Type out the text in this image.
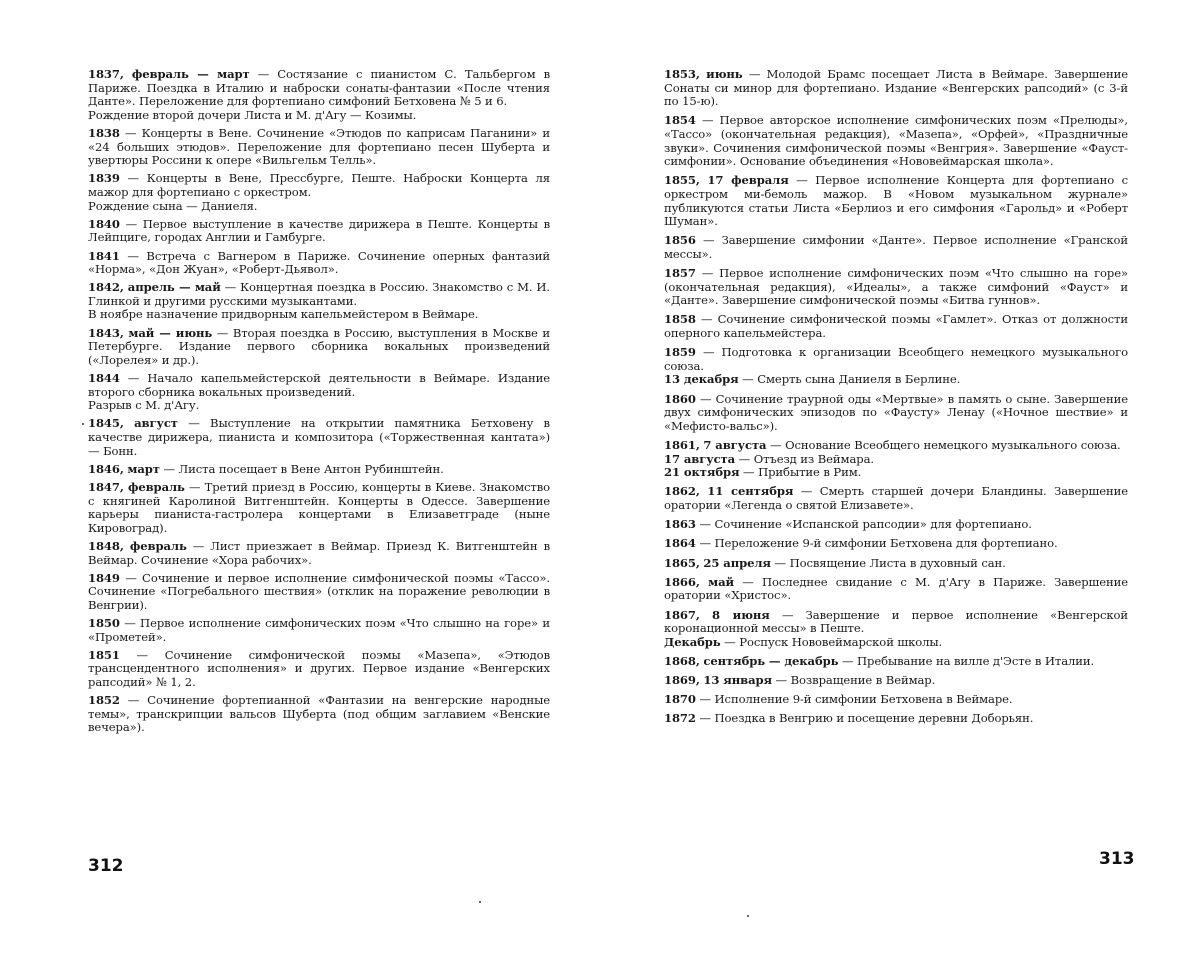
1837, февраль — март — Состязание с пианистом С. Тальбергом в Париже. Поездка в Италию и наброски сонаты-фантазии «После чтения Данте». Переложение для фортепиано симфоний Бетховена № 5 и 6.
Рождение второй дочери Листа и М. д'Агу — Козимы.

1838 — Концерты в Вене. Сочинение «Этюдов по каприсам Паганини» и «24 больших этюдов». Переложение для фортепиано песен Шуберта и увертюры Россини к опере «Вильгельм Телль».

1839 — Концерты в Вене, Прессбурге, Пеште. Наброски Концерта ля мажор для фортепиано с оркестром.
Рождение сына — Даниеля.

1840 — Первое выступление в качестве дирижера в Пеште. Концерты в Лейпциге, городах Англии и Гамбурге.

1841 — Встреча с Вагнером в Париже. Сочинение оперных фантазий «Норма», «Дон Жуан», «Роберт-Дьявол».

1842, апрель — май — Концертная поездка в Россию. Знакомство с М. И. Глинкой и другими русскими музыкантами.
В ноябре назначение придворным капельмейстером в Веймаре.

1843, май — июнь — Вторая поездка в Россию, выступления в Москве и Петербурге. Издание первого сборника вокальных произведений («Лорелея» и др.).

1844 — Начало капельмейстерской деятельности в Веймаре. Издание второго сборника вокальных произведений.
Разрыв с М. д'Агу.

1845, август — Выступление на открытии памятника Бетховену в качестве дирижера, пианиста и композитора («Торжественная кантата») — Бонн.

1846, март — Листа посещает в Вене Антон Рубинштейн.

1847, февраль — Третий приезд в Россию, концерты в Киеве. Знакомство с княгиней Каролиной Витгенштейн. Концерты в Одессе. Завершение карьеры пианиста-гастролера концертами в Елизаветграде (ныне Кировоград).

1848, февраль — Лист приезжает в Веймар. Приезд К. Витгенштейн в Веймар. Сочинение «Хора рабочих».

1849 — Сочинение и первое исполнение симфонической поэмы «Тассо». Сочинение «Погребального шествия» (отклик на поражение революции в Венгрии).

1850 — Первое исполнение симфонических поэм «Что слышно на горе» и «Прометей».

1851 — Сочинение симфонической поэмы «Мазепа», «Этюдов трансцендентного исполнения» и других. Первое издание «Венгерских рапсодий» № 1, 2.

1852 — Сочинение фортепианной «Фантазии на венгерские народные темы», транскрипции вальсов Шуберта (под общим заглавием «Венские вечера»).

1853, июнь — Молодой Брамс посещает Листа в Веймаре. Завершение Сонаты си минор для фортепиано. Издание «Венгерских рапсодий» (с 3-й по 15-ю).

1854 — Первое авторское исполнение симфонических поэм «Прелюды», «Тассо» (окончательная редакция), «Мазепа», «Орфей», «Праздничные звуки». Сочинения симфонической поэмы «Венгрия». Завершение «Фауст-симфонии». Основание объединения «Нововеймарская школа».

1855, 17 февраля — Первое исполнение Концерта для фортепиано с оркестром ми-бемоль мажор. В «Новом музыкальном журнале» публикуются статьи Листа «Берлиоз и его симфония «Гарольд» и «Роберт Шуман».

1856 — Завершение симфонии «Данте». Первое исполнение «Гранской мессы».

1857 — Первое исполнение симфонических поэм «Что слышно на горе» (окончательная редакция), «Идеалы», а также симфоний «Фауст» и «Данте». Завершение симфонической поэмы «Битва гуннов».

1858 — Сочинение симфонической поэмы «Гамлет». Отказ от должности оперного капельмейстера.

1859 — Подготовка к организации Всеобщего немецкого музыкального союза.
13 декабря — Смерть сына Даниеля в Берлине.

1860 — Сочинение траурной оды «Мертвые» в память о сыне. Завершение двух симфонических эпизодов по «Фаусту» Ленау («Ночное шествие» и «Мефисто-вальс»).

1861, 7 августа — Основание Всеобщего немецкого музыкального союза.
17 августа — Отъезд из Веймара.
21 октября — Прибытие в Рим.

1862, 11 сентября — Смерть старшей дочери Бландины. Завершение оратории «Легенда о святой Елизавете».

1863 — Сочинение «Испанской рапсодии» для фортепиано.

1864 — Переложение 9-й симфонии Бетховена для фортепиано.

1865, 25 апреля — Посвящение Листа в духовный сан.

1866, май — Последнее свидание с М. д'Агу в Париже. Завершение оратории «Христос».

1867, 8 июня — Завершение и первое исполнение «Венгерской коронационной мессы» в Пеште.
Декабрь — Роспуск Нововеймарской школы.

1868, сентябрь — декабрь — Пребывание на вилле д'Эсте в Италии.

1869, 13 января — Возвращение в Веймар.

1870 — Исполнение 9-й симфонии Бетховена в Веймаре.

1872 — Поездка в Венгрию и посещение деревни Доборьян.

312	313
